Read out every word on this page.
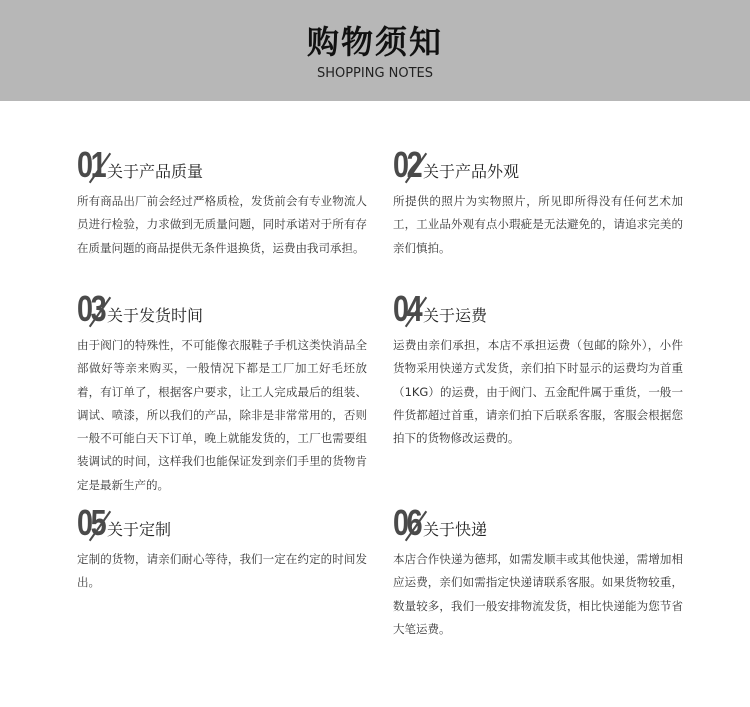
购物须知
SHOPPING NOTES
01 关于产品质量
所有商品出厂前会经过严格质检，发货前会有专业物流人员进行检验，力求做到无质量问题，同时承诺对于所有存在质量问题的商品提供无条件退换货，运费由我司承担。
02 关于产品外观
所提供的照片为实物照片，所见即所得没有任何艺术加工，工业品外观有点小瑕疵是无法避免的，请追求完美的亲们慎拍。
03 关于发货时间
由于阀门的特殊性，不可能像衣服鞋子手机这类快消品全部做好等亲来购买，一般情况下都是工厂加工好毛坯放着，有订单了，根据客户要求，让工人完成最后的组装、调试、喷漆，所以我们的产品，除非是非常常用的，否则一般不可能白天下订单，晚上就能发货的，工厂也需要组装调试的时间，这样我们也能保证发到亲们手里的货物肯定是最新生产的。
04 关于运费
运费由亲们承担，本店不承担运费（包邮的除外），小件货物采用快递方式发货，亲们拍下时显示的运费均为首重（1KG）的运费，由于阀门、五金配件属于重货，一般一件货都超过首重，请亲们拍下后联系客服，客服会根据您拍下的货物修改运费的。
05 关于定制
定制的货物，请亲们耐心等待，我们一定在约定的时间发出。
06 关于快递
本店合作快递为德邦，如需发顺丰或其他快递，需增加相应运费，亲们如需指定快递请联系客服。如果货物较重，数量较多，我们一般安排物流发货，相比快递能为您节省大笔运费。
